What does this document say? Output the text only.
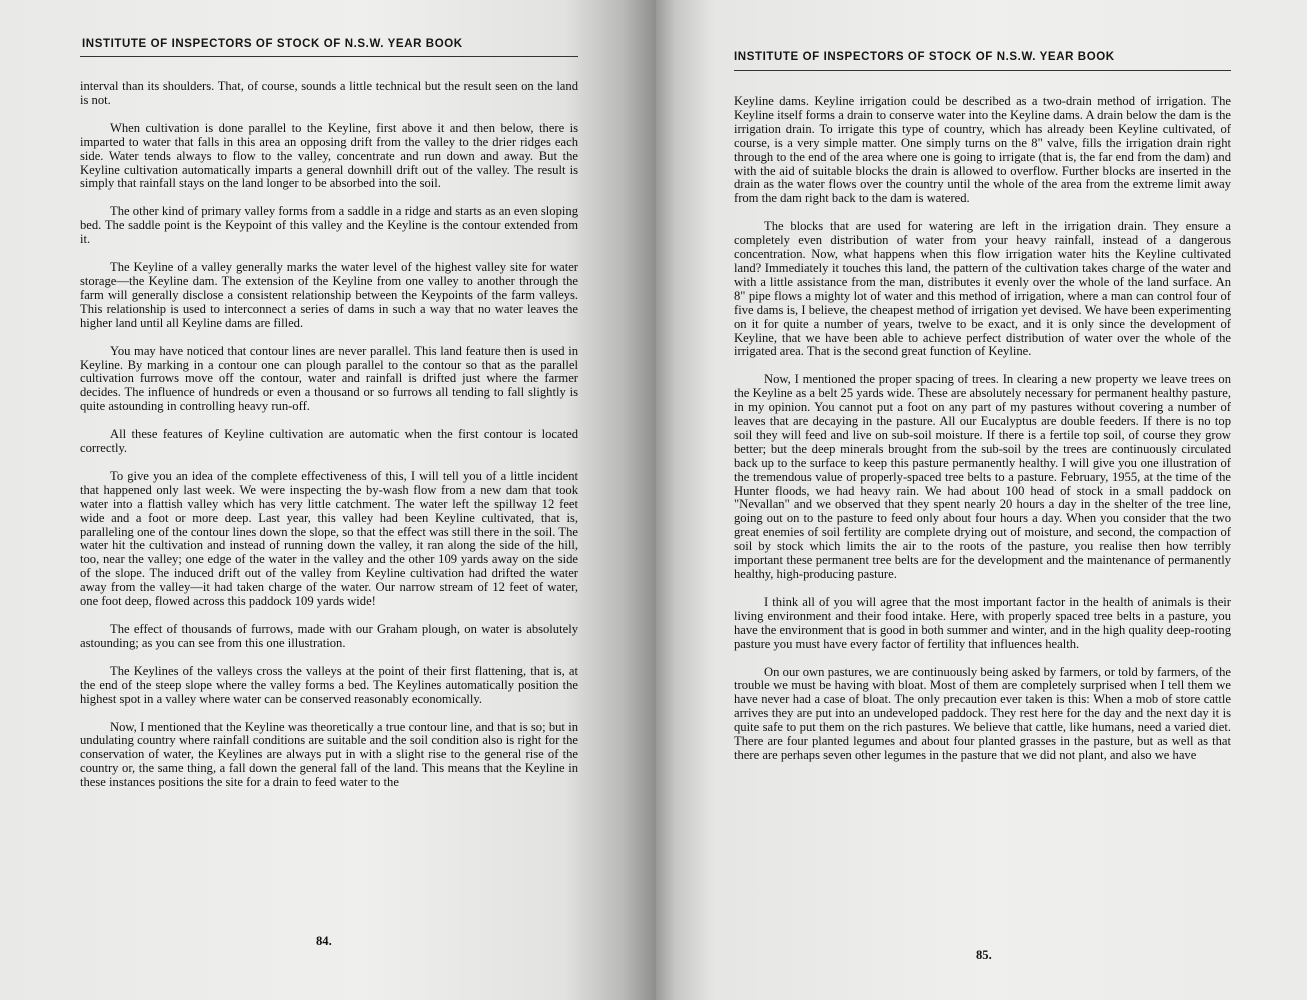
INSTITUTE OF INSPECTORS OF STOCK OF N.S.W. YEAR BOOK

interval than its shoulders. That, of course, sounds a little technical but the result seen on the land is not.

When cultivation is done parallel to the Keyline, first above it and then below, there is imparted to water that falls in this area an opposing drift from the valley to the drier ridges each side. Water tends always to flow to the valley, concentrate and run down and away. But the Keyline cultivation automatically imparts a general downhill drift out of the valley. The result is simply that rainfall stays on the land longer to be absorbed into the soil.

The other kind of primary valley forms from a saddle in a ridge and starts as an even sloping bed. The saddle point is the Keypoint of this valley and the Keyline is the contour extended from it.

The Keyline of a valley generally marks the water level of the highest valley site for water storage—the Keyline dam. The extension of the Keyline from one valley to another through the farm will generally disclose a consistent relationship between the Keypoints of the farm valleys. This relationship is used to interconnect a series of dams in such a way that no water leaves the higher land until all Keyline dams are filled.

You may have noticed that contour lines are never parallel. This land feature then is used in Keyline. By marking in a contour one can plough parallel to the contour so that as the parallel cultivation furrows move off the contour, water and rainfall is drifted just where the farmer decides. The influence of hundreds or even a thousand or so furrows all tending to fall slightly is quite astounding in controlling heavy run-off.

All these features of Keyline cultivation are automatic when the first contour is located correctly.

To give you an idea of the complete effectiveness of this, I will tell you of a little incident that happened only last week. We were inspecting the by-wash flow from a new dam that took water into a flattish valley which has very little catchment. The water left the spillway 12 feet wide and a foot or more deep. Last year, this valley had been Keyline cultivated, that is, paralleling one of the contour lines down the slope, so that the effect was still there in the soil. The water hit the cultivation and instead of running down the valley, it ran along the side of the hill, too, near the valley; one edge of the water in the valley and the other 109 yards away on the side of the slope. The induced drift out of the valley from Keyline cultivation had drifted the water away from the valley—it had taken charge of the water. Our narrow stream of 12 feet of water, one foot deep, flowed across this paddock 109 yards wide!

The effect of thousands of furrows, made with our Graham plough, on water is absolutely astounding; as you can see from this one illustration.

The Keylines of the valleys cross the valleys at the point of their first flattening, that is, at the end of the steep slope where the valley forms a bed. The Keylines automatically position the highest spot in a valley where water can be conserved reasonably economically.

Now, I mentioned that the Keyline was theoretically a true contour line, and that is so; but in undulating country where rainfall conditions are suitable and the soil condition also is right for the conservation of water, the Keylines are always put in with a slight rise to the general rise of the country or, the same thing, a fall down the general fall of the land. This means that the Keyline in these instances positions the site for a drain to feed water to the

84.
INSTITUTE OF INSPECTORS OF STOCK OF N.S.W. YEAR BOOK

Keyline dams. Keyline irrigation could be described as a two-drain method of irrigation. The Keyline itself forms a drain to conserve water into the Keyline dams. A drain below the dam is the irrigation drain. To irrigate this type of country, which has already been Keyline cultivated, of course, is a very simple matter. One simply turns on the 8" valve, fills the irrigation drain right through to the end of the area where one is going to irrigate (that is, the far end from the dam) and with the aid of suitable blocks the drain is allowed to overflow. Further blocks are inserted in the drain as the water flows over the country until the whole of the area from the extreme limit away from the dam right back to the dam is watered.

The blocks that are used for watering are left in the irrigation drain. They ensure a completely even distribution of water from your heavy rainfall, instead of a dangerous concentration. Now, what happens when this flow irrigation water hits the Keyline cultivated land? Immediately it touches this land, the pattern of the cultivation takes charge of the water and with a little assistance from the man, distributes it evenly over the whole of the land surface. An 8" pipe flows a mighty lot of water and this method of irrigation, where a man can control four of five dams is, I believe, the cheapest method of irrigation yet devised. We have been experimenting on it for quite a number of years, twelve to be exact, and it is only since the development of Keyline, that we have been able to achieve perfect distribution of water over the whole of the irrigated area. That is the second great function of Keyline.

Now, I mentioned the proper spacing of trees. In clearing a new property we leave trees on the Keyline as a belt 25 yards wide. These are absolutely necessary for permanent healthy pasture, in my opinion. You cannot put a foot on any part of my pastures without covering a number of leaves that are decaying in the pasture. All our Eucalyptus are double feeders. If there is no top soil they will feed and live on sub-soil moisture. If there is a fertile top soil, of course they grow better; but the deep minerals brought from the sub-soil by the trees are continuously circulated back up to the surface to keep this pasture permanently healthy. I will give you one illustration of the tremendous value of properly-spaced tree belts to a pasture. February, 1955, at the time of the Hunter floods, we had heavy rain. We had about 100 head of stock in a small paddock on "Nevallan" and we observed that they spent nearly 20 hours a day in the shelter of the tree line, going out on to the pasture to feed only about four hours a day. When you consider that the two great enemies of soil fertility are complete drying out of moisture, and second, the compaction of soil by stock which limits the air to the roots of the pasture, you realise then how terribly important these permanent tree belts are for the development and the maintenance of permanently healthy, high-producing pasture.

I think all of you will agree that the most important factor in the health of animals is their living environment and their food intake. Here, with properly spaced tree belts in a pasture, you have the environment that is good in both summer and winter, and in the high quality deep-rooting pasture you must have every factor of fertility that influences health.

On our own pastures, we are continuously being asked by farmers, or told by farmers, of the trouble we must be having with bloat. Most of them are completely surprised when I tell them we have never had a case of bloat. The only precaution ever taken is this: When a mob of store cattle arrives they are put into an undeveloped paddock. They rest here for the day and the next day it is quite safe to put them on the rich pastures. We believe that cattle, like humans, need a varied diet. There are four planted legumes and about four planted grasses in the pasture, but as well as that there are perhaps seven other legumes in the pasture that we did not plant, and also we have

85.
